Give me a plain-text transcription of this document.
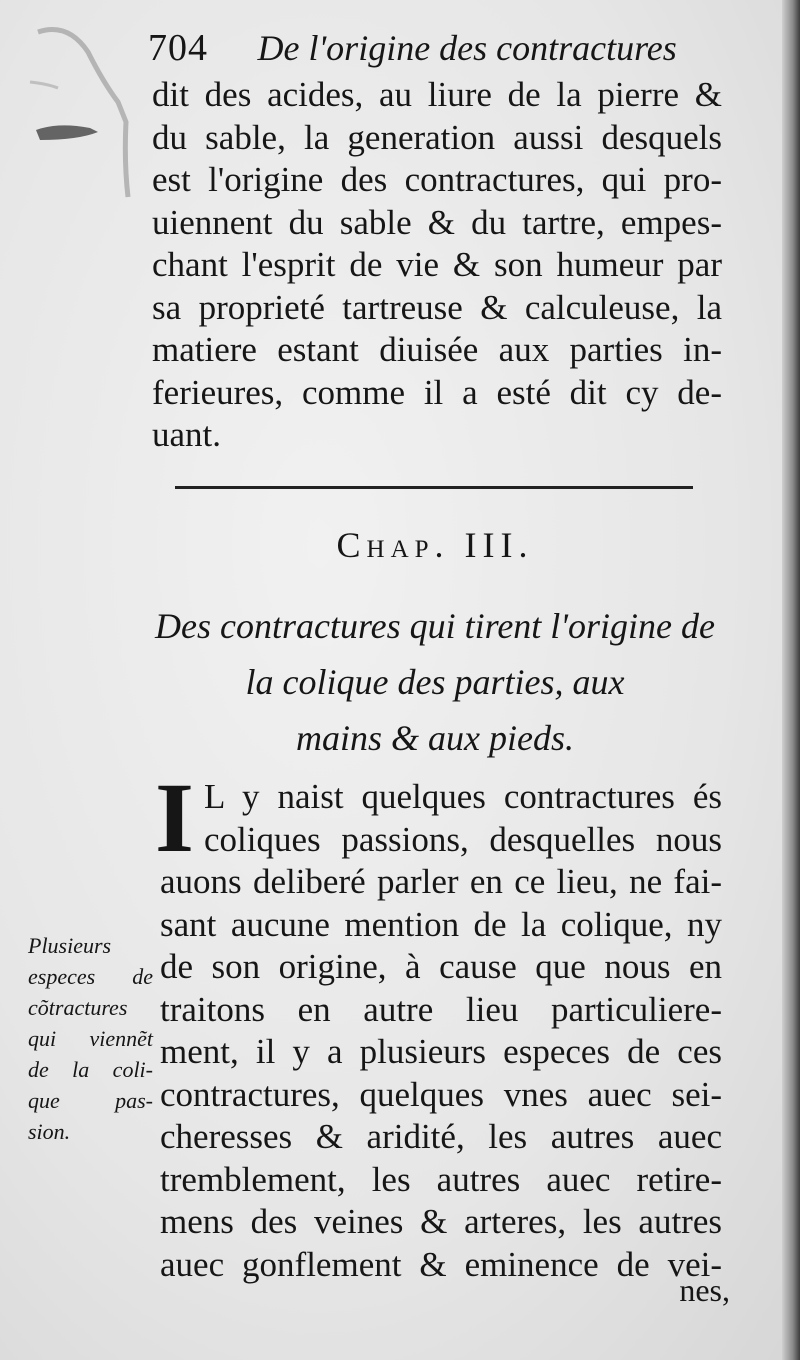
704 De l'origine des contractures
dit des acides, au liure de la pierre &
du sable, la generation aussi desquels
est l'origine des contractures, qui pro-
uiennent du sable & du tartre, empes-
chant l'esprit de vie & son humeur par
sa proprieté tartreuse & calculeuse, la
matiere estant diuisée aux parties in-
ferieures, comme il a esté dit cy de-
uant.
Chap. III.
Des contractures qui tirent l'origine de
la colique des parties, aux
mains & aux pieds.
I L y naist quelques contractures és
coliques passions, desquelles nous
auons deliberé parler en ce lieu, ne fai-
sant aucune mention de la colique, ny
de son origine, à cause que nous en
traitons en autre lieu particuliere-
ment, il y a plusieurs especes de ces
contractures, quelques vnes auec sei-
cheresses & aridité, les autres auec
tremblement, les autres auec retire-
mens des veines & arteres, les autres
auec gonflement & eminence de vei-
Plusieurs
especes de
cõtractures
qui viennẽt
de la coli-
que pas-
sion.
nes,
